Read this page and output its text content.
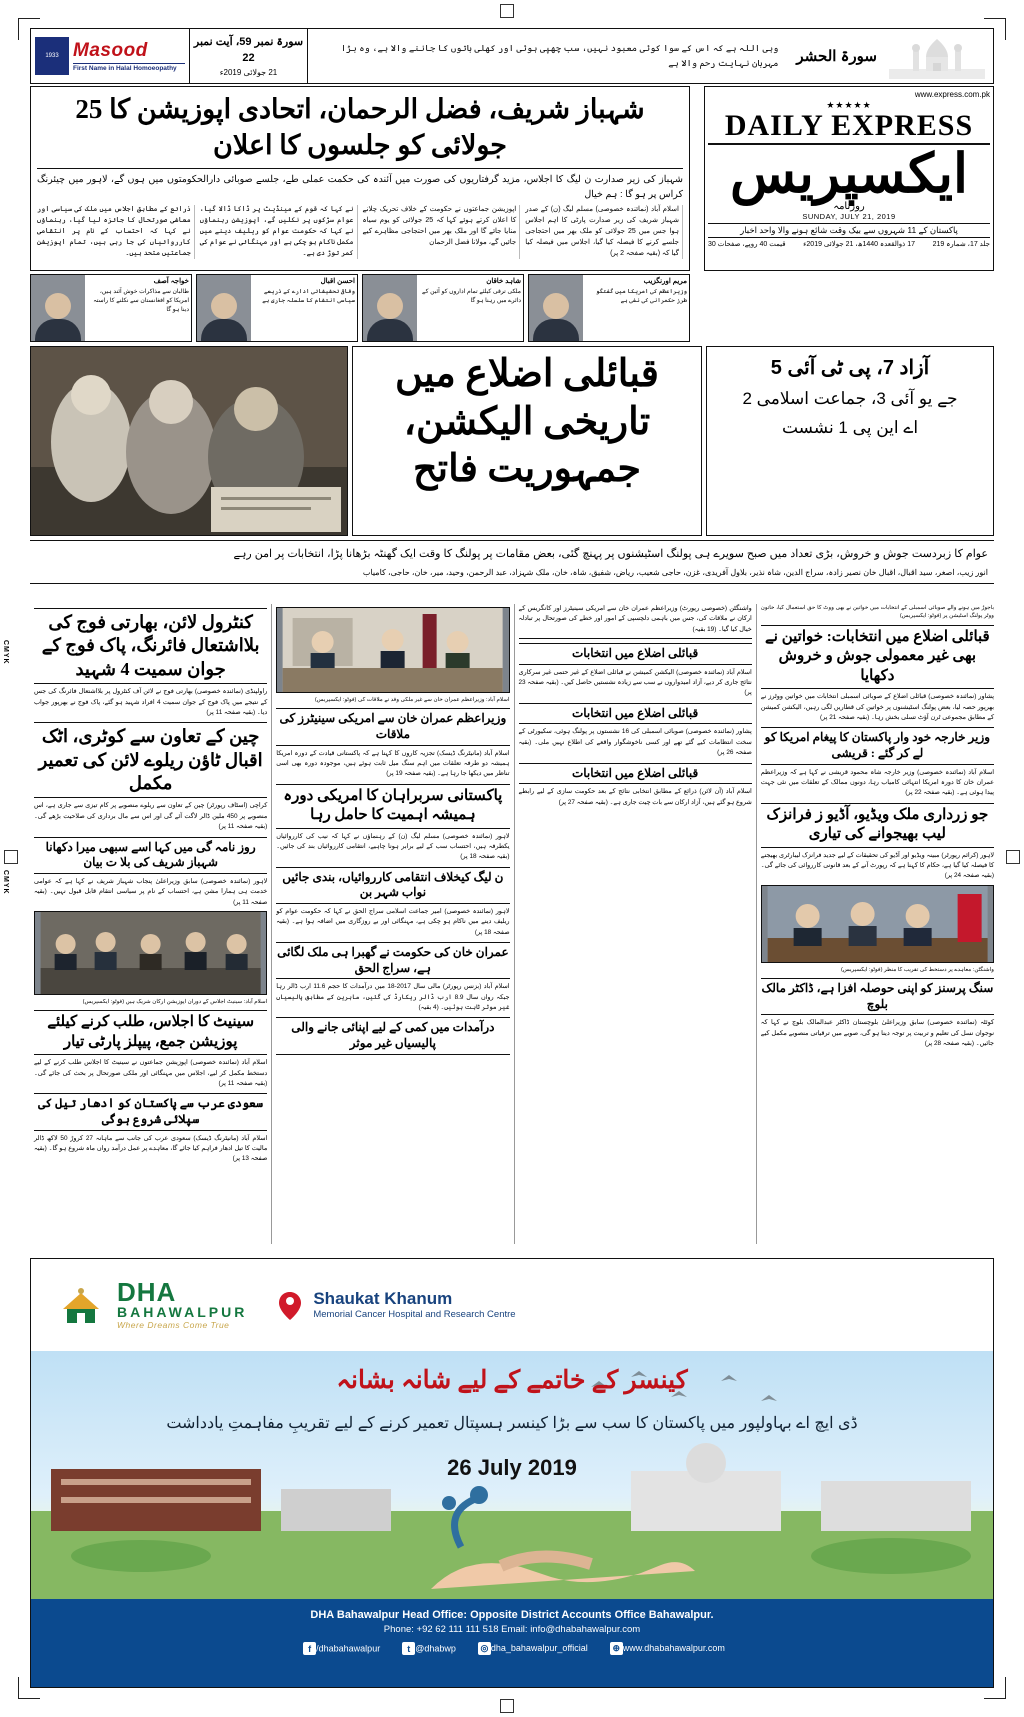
CMYK
CMYK
1933 Masood
First Name in Halal Homoeopathy
سورۃ نمبر 59، آیت نمبر 22
21 جولائی 2019ء
سورۃ الحشر
وہی اللہ ہے کہ اس کے سوا کوئی معبود نہیں، سب چھپی ہوئی اور کھلی باتوں کا جاننے والا ہے، وہ بڑا مہربان نہایت رحم والا ہے
www.express.com.pk
★★★★★
DAILY EXPRESS
ایکسپریس
روزنامہ
SUNDAY, JULY 21, 2019
پاکستان کے 11 شہروں سے بیک وقت شائع ہونے والا واحد اخبار
جلد 17، شمارہ 219
17 ذوالقعدہ 1440ھ، 21 جولائی 2019ء
قیمت 40 روپے، صفحات 30
شہباز شریف، فضل الرحمان، اتحادی اپوزیشن کا 25 جولائی کو جلسوں کا اعلان
شہباز کی زیر صدارت ن لیگ کا اجلاس، مزید گرفتاریوں کی صورت میں آئندہ کی حکمت عملی طے، جلسے صوبائی دارالحکومتوں میں ہوں گے، لاہور میں چیئرنگ کراس پر ہو گا : ہم خیال
اسلام آباد (نمائندہ خصوصی) مسلم لیگ (ن) کے صدر شہباز شریف کی زیر صدارت پارٹی کا اہم اجلاس ہوا جس میں 25 جولائی کو ملک بھر میں احتجاجی جلسے کرنے کا فیصلہ کیا گیا، اجلاس میں فیصلہ کیا گیا کہ (بقیہ صفحہ 2 پر)
اپوزیشن جماعتوں نے حکومت کے خلاف تحریک چلانے کا اعلان کرتے ہوئے کہا کہ 25 جولائی کو یوم سیاہ منایا جائے گا اور ملک بھر میں احتجاجی مظاہرے کیے جائیں گے، مولانا فضل الرحمان
نے کہا کہ قوم کے مینڈیٹ پر ڈاکا ڈالا گیا، عوام سڑکوں پر نکلیں گے، اپوزیشن رہنماؤں نے کہا کہ حکومت عوام کو ریلیف دینے میں مکمل ناکام ہو چکی ہے اور مہنگائی نے عوام کی کمر توڑ دی ہے۔
ذرائع کے مطابق اجلاس میں ملک کی سیاسی اور معاشی صورتحال کا جائزہ لیا گیا، رہنماؤں نے کہا کہ احتساب کے نام پر انتقامی کارروائیاں کی جا رہی ہیں، تمام اپوزیشن جماعتیں متحد ہیں۔
خواجہ آصف
طالبان سے مذاکرات خوش آئند ہیں، امریکا کو افغانستان سے نکلنے کا راستہ دینا ہو گا
احسن اقبال
وفاقی تحقیقاتی ادارے کے ذریعے سیاسی انتقام کا سلسلہ جاری ہے
شاہد خاقان
ملکی ترقی کیلئے تمام اداروں کو آئین کے دائرے میں رہنا ہو گا
مریم اورنگزیب
وزیراعظم کی امریکا میں گفتگو طرز حکمرانی کی نفی ہے
قبائلی اضلاع میں تاریخی الیکشن، جمہوریت فاتح
آزاد 7، پی ٹی آئی 5
جے یو آئی 3، جماعت اسلامی 2
اے این پی 1 نشست

عوام کا زبردست جوش و خروش، بڑی تعداد میں صبح سویرے ہی پولنگ اسٹیشنوں پر پہنچ گئی، بعض مقامات پر پولنگ کا وقت ایک گھنٹہ بڑھانا پڑا، انتخابات پر امن رہے

انور زیب، اصغر، سید اقبال، اقبال خان نصیر زادہ، سراج الدین، شاہ نذیر، بلاول آفریدی، غزن، حاجی شعیب، ریاض، شفیق، شاہ، خان، ملک شہزاد، عبد الرحمن، وحید، میر، خان، حاجی، کامیاب
باجوڑ میں ہونے والے صوبائی اسمبلی کے انتخابات میں خواتین نے بھی ووٹ کا حق استعمال کیا، خاتون ووٹر پولنگ اسٹیشن پر (فوٹو: ایکسپریس)
قبائلی اضلاع میں انتخابات: خواتین نے بھی غیر معمولی جوش و خروش دکھایا
پشاور (نمائندہ خصوصی) قبائلی اضلاع کے صوبائی اسمبلی انتخابات میں خواتین ووٹرز نے بھرپور حصہ لیا، بعض پولنگ اسٹیشنوں پر خواتین کی قطاریں لگی رہیں، الیکشن کمیشن کے مطابق مجموعی ٹرن آؤٹ تسلی بخش رہا۔ (بقیہ صفحہ 21 پر)
وزیر خارجہ خود وار پاکستان کا پیغام امریکا کو لے کر گئے : قریشی
اسلام آباد (نمائندہ خصوصی) وزیر خارجہ شاہ محمود قریشی نے کہا ہے کہ وزیراعظم عمران خان کا دورہ امریکا انتہائی کامیاب رہا، دونوں ممالک کے تعلقات میں نئی جہت پیدا ہوئی ہے۔ (بقیہ صفحہ 22 پر)
جو زرداری ملک ویڈیو، آڈیو ز فرانزک لیب بھیجوانے کی تیاری
لاہور (کرائم رپورٹر) مبینہ ویڈیو اور آڈیو کی تحقیقات کے لیے جدید فرانزک لیبارٹری بھیجنے کا فیصلہ کیا گیا ہے، حکام کا کہنا ہے کہ رپورٹ آنے کے بعد قانونی کارروائی کی جائے گی۔ (بقیہ صفحہ 24 پر)
واشنگٹن: معاہدے پر دستخط کی تقریب کا منظر (فوٹو: ایکسپریس)
سنگ پرسنز کو اپنی حوصلہ افزا ہے، ڈاکٹر مالک بلوچ
کوئٹہ (نمائندہ خصوصی) سابق وزیراعلیٰ بلوچستان ڈاکٹر عبدالمالک بلوچ نے کہا کہ نوجوان نسل کی تعلیم و تربیت پر توجہ دینا ہو گی، صوبے میں ترقیاتی منصوبے مکمل کیے جائیں۔ (بقیہ صفحہ 28 پر)
واشنگٹن (خصوصی رپورٹ) وزیراعظم عمران خان سے امریکی سینیٹرز اور کانگریس کے ارکان نے ملاقات کی، جس میں باہمی دلچسپی کے امور اور خطے کی صورتحال پر تبادلہ خیال کیا گیا۔ (19 بقیہ)
قبائلی اضلاع میں انتخابات
اسلام آباد (نمائندہ خصوصی) الیکشن کمیشن نے قبائلی اضلاع کے غیر حتمی غیر سرکاری نتائج جاری کر دیے، آزاد امیدواروں نے سب سے زیادہ نشستیں حاصل کیں۔ (بقیہ صفحہ 23 پر)
قبائلی اضلاع میں انتخابات
پشاور (نمائندہ خصوصی) صوبائی اسمبلی کی 16 نشستوں پر پولنگ ہوئی، سکیورٹی کے سخت انتظامات کیے گئے تھے اور کسی ناخوشگوار واقعے کی اطلاع نہیں ملی۔ (بقیہ صفحہ 26 پر)
قبائلی اضلاع میں انتخابات
اسلام آباد (آن لائن) ذرائع کے مطابق انتخابی نتائج کے بعد حکومت سازی کے لیے رابطے شروع ہو گئے ہیں، آزاد ارکان سے بات چیت جاری ہے۔ (بقیہ صفحہ 27 پر)
اسلام آباد: وزیراعظم عمران خان سے غیر ملکی وفد نے ملاقات کی (فوٹو: ایکسپریس)
وزیراعظم عمران خان سے امریکی سینیٹرز کی ملاقات
اسلام آباد (مانیٹرنگ ڈیسک) تجزیہ کاروں کا کہنا ہے کہ پاکستانی قیادت کے دورہ امریکا ہمیشہ دو طرفہ تعلقات میں اہم سنگ میل ثابت ہوئے ہیں، موجودہ دورہ بھی اسی تناظر میں دیکھا جا رہا ہے۔ (بقیہ صفحہ 19 پر)
پاکستانی سربراہان کا امریکی دورہ ہمیشہ اہمیت کا حامل رہا
لاہور (نمائندہ خصوصی) مسلم لیگ (ن) کے رہنماؤں نے کہا کہ نیب کی کارروائیاں یکطرفہ ہیں، احتساب سب کے لیے برابر ہونا چاہیے، انتقامی کارروائیاں بند کی جائیں۔ (بقیہ صفحہ 18 پر)
ن لیگ کیخلاف انتقامی کارروائیاں، بندی جائیں نواب شہر بن
لاہور (نمائندہ خصوصی) امیر جماعت اسلامی سراج الحق نے کہا کہ حکومت عوام کو ریلیف دینے میں ناکام ہو چکی ہے، مہنگائی اور بے روزگاری میں اضافہ ہوا ہے۔ (بقیہ صفحہ 18 پر)
عمران خان کی حکومت نے گھبرا ہی ملک لگائی ہے، سراج الحق
اسلام آباد (بزنس رپورٹر) مالی سال 2017-18 میں درآمدات کا حجم 11.6 ارب ڈالر رہا جبکہ رواں سال 8.9 ارب ڈالر ریکارڈ کی گئیں، ماہرین کے مطابق پالیسیاں غیر موثر ثابت ہوئیں۔ (4 بقیہ)
درآمدات میں کمی کے لیے اپنائی جانے والی پالیسیاں غیر موثر
کنٹرول لائن، بھارتی فوج کی بلااشتعال فائرنگ، پاک فوج کے جوان سمیت 4 شہید
راولپنڈی (نمائندہ خصوصی) بھارتی فوج نے لائن آف کنٹرول پر بلااشتعال فائرنگ کی جس کے نتیجے میں پاک فوج کے جوان سمیت 4 افراد شہید ہو گئے، پاک فوج نے بھرپور جواب دیا۔ (بقیہ صفحہ 11 پر)
چین کے تعاون سے کوٹری، اٹک اقبال ٹاؤن ریلوے لائن کی تعمیر مکمل
کراچی (اسٹاف رپورٹر) چین کے تعاون سے ریلوے منصوبے پر کام تیزی سے جاری ہے، اس منصوبے پر 450 ملین ڈالر لاگت آئے گی اور اس سے مال برداری کی صلاحیت بڑھے گی۔ (بقیہ صفحہ 11 پر)
روز نامہ گی میں کہا اسے سبھی میرا دکھانا شہباز شریف کی بلا ت بیان
لاہور (نمائندہ خصوصی) سابق وزیراعلیٰ پنجاب شہباز شریف نے کہا ہے کہ عوامی خدمت ہی ہمارا مشن ہے، احتساب کے نام پر سیاسی انتقام قابل قبول نہیں۔ (بقیہ صفحہ 11 پر)
اسلام آباد: سینیٹ اجلاس کے دوران اپوزیشن ارکان شریک ہیں (فوٹو: ایکسپریس)
سینیٹ کا اجلاس، طلب کرنے کیلئے پوزیشن جمع، پیپلز پارٹی تیار
اسلام آباد (نمائندہ خصوصی) اپوزیشن جماعتوں نے سینیٹ کا اجلاس طلب کرنے کے لیے دستخط مکمل کر لیے، اجلاس میں مہنگائی اور ملکی صورتحال پر بحث کی جائے گی۔ (بقیہ صفحہ 11 پر)
سعودی عرب سے پاکستان کو ادھار تیل کی سپلائی شروع ہوگی
اسلام آباد (مانیٹرنگ ڈیسک) سعودی عرب کی جانب سے ماہانہ 27 کروڑ 50 لاکھ ڈالر مالیت کا تیل ادھار فراہم کیا جائے گا، معاہدے پر عمل درآمد رواں ماہ شروع ہو گا۔ (بقیہ صفحہ 13 پر)
DHA
BAHAWALPUR
Where Dreams Come True
Shaukat Khanum
Memorial Cancer Hospital and Research Centre
کینسر کے خاتمے کے لیے شانہ بشانہ
ڈی ایچ اے بہاولپور میں پاکستان کا سب سے بڑا کینسر ہسپتال تعمیر کرنے کے لیے تقریبِ مفاہمتِ یادداشت
26 July 2019
DHA Bahawalpur Head Office: Opposite District Accounts Office Bahawalpur.
Phone: +92 62 111 111 518 Email: info@dhabahawalpur.com
f /dhabahawalpur	t @dhabwp	◎ dha_bahawalpur_official	⊕ www.dhabahawalpur.com
